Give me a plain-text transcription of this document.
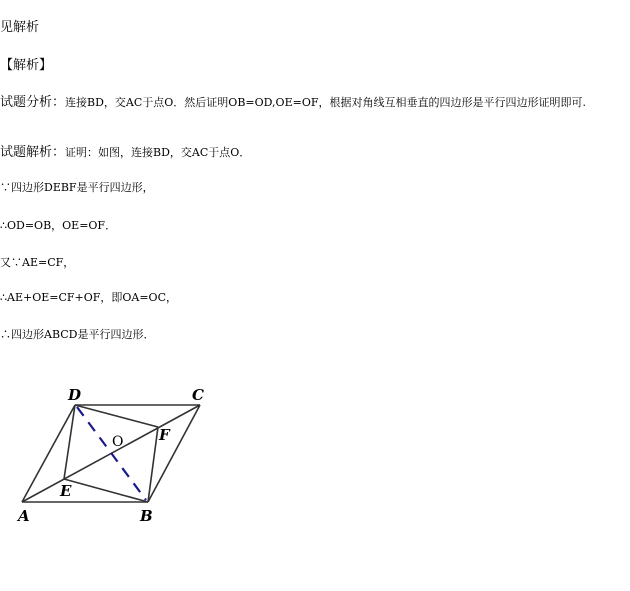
见解析
【解析】
试题分析：连接BD，交AC于点O．然后证明OB=OD,OE=OF，根据对角线互相垂直的四边形是平行四边形证明即可.
试题解析：证明：如图，连接BD，交AC于点O．
∵四边形DEBF是平行四边形，
∴OD=OB，OE=OF．
又∵AE=CF，
∴AE+OE=CF+OF，即OA=OC，
∴四边形ABCD是平行四边形．
D	C
F
O
E
A	B
